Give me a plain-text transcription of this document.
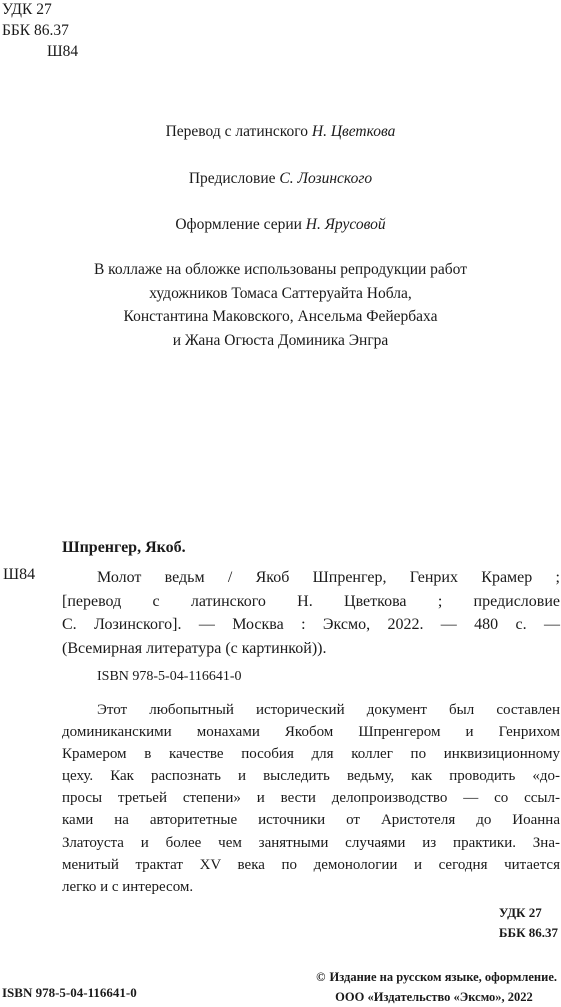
УДК 27
ББК 86.37
Ш84
Перевод с латинского Н. Цветкова
Предисловие С. Лозинского
Оформление серии Н. Ярусовой
В коллаже на обложке использованы репродукции работ
художников Томаса Саттеруайта Нобла,
Константина Маковского, Ансельма Фейербаха
и Жана Огюста Доминика Энгра
Шпренгер, Якоб.
Ш84	Молот ведьм / Якоб Шпренгер, Генрих Крамер ;
[перевод с латинского Н. Цветкова ; предисловие
С. Лозинского]. — Москва : Эксмо, 2022. — 480 с. —
(Всемирная литература (с картинкой)).
ISBN 978-5-04-116641-0
Этот любопытный исторический документ был составлен
доминиканскими монахами Якобом Шпренгером и Генрихом
Крамером в качестве пособия для коллег по инквизиционному
цеху. Как распознать и выследить ведьму, как проводить «до-
просы третьей степени» и вести делопроизводство — со ссыл-
ками на авторитетные источники от Аристотеля до Иоанна
Златоуста и более чем занятными случаями из практики. Зна-
менитый трактат XV века по демонологии и сегодня читается
легко и с интересом.
УДК 27
ББК 86.37
ISBN 978-5-04-116641-0
© Издание на русском языке, оформление.
ООО «Издательство «Эксмо», 2022
